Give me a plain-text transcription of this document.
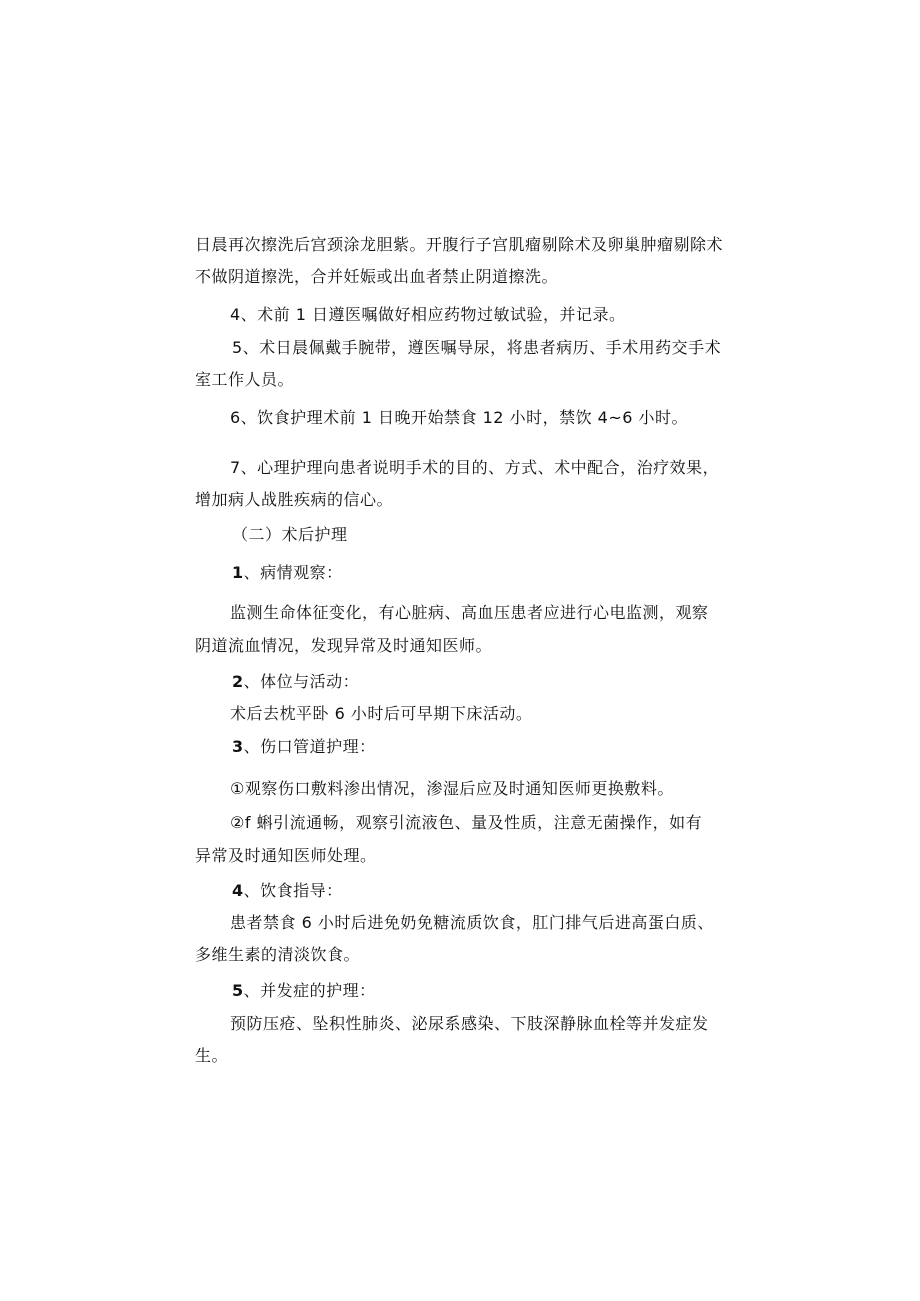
日晨再次擦洗后宫颈涂龙胆紫。开腹行子宫肌瘤剔除术及卵巢肿瘤剔除术
不做阴道擦洗，合并妊娠或出血者禁止阴道擦洗。
4、术前 1 日遵医嘱做好相应药物过敏试验，并记录。
5、术日晨佩戴手腕带，遵医嘱导尿，将患者病历、手术用药交手术
室工作人员。
6、饮食护理术前 1 日晚开始禁食 12 小时，禁饮 4~6 小时。
7、心理护理向患者说明手术的目的、方式、术中配合，治疗效果，
增加病人战胜疾病的信心。
（二）术后护理
1、病情观察：
监测生命体征变化，有心脏病、高血压患者应进行心电监测，观察
阴道流血情况，发现异常及时通知医师。
2、体位与活动：
术后去枕平卧 6 小时后可早期下床活动。
3、伤口管道护理：
①观察伤口敷料渗出情况，渗湿后应及时通知医师更换敷料。
②f 蝌引流通畅，观察引流液色、量及性质，注意无菌操作，如有
异常及时通知医师处理。
4、饮食指导：
患者禁食 6 小时后进免奶免糖流质饮食，肛门排气后进高蛋白质、
多维生素的清淡饮食。
5、并发症的护理：
预防压疮、坠积性肺炎、泌尿系感染、下肢深静脉血栓等并发症发
生。
